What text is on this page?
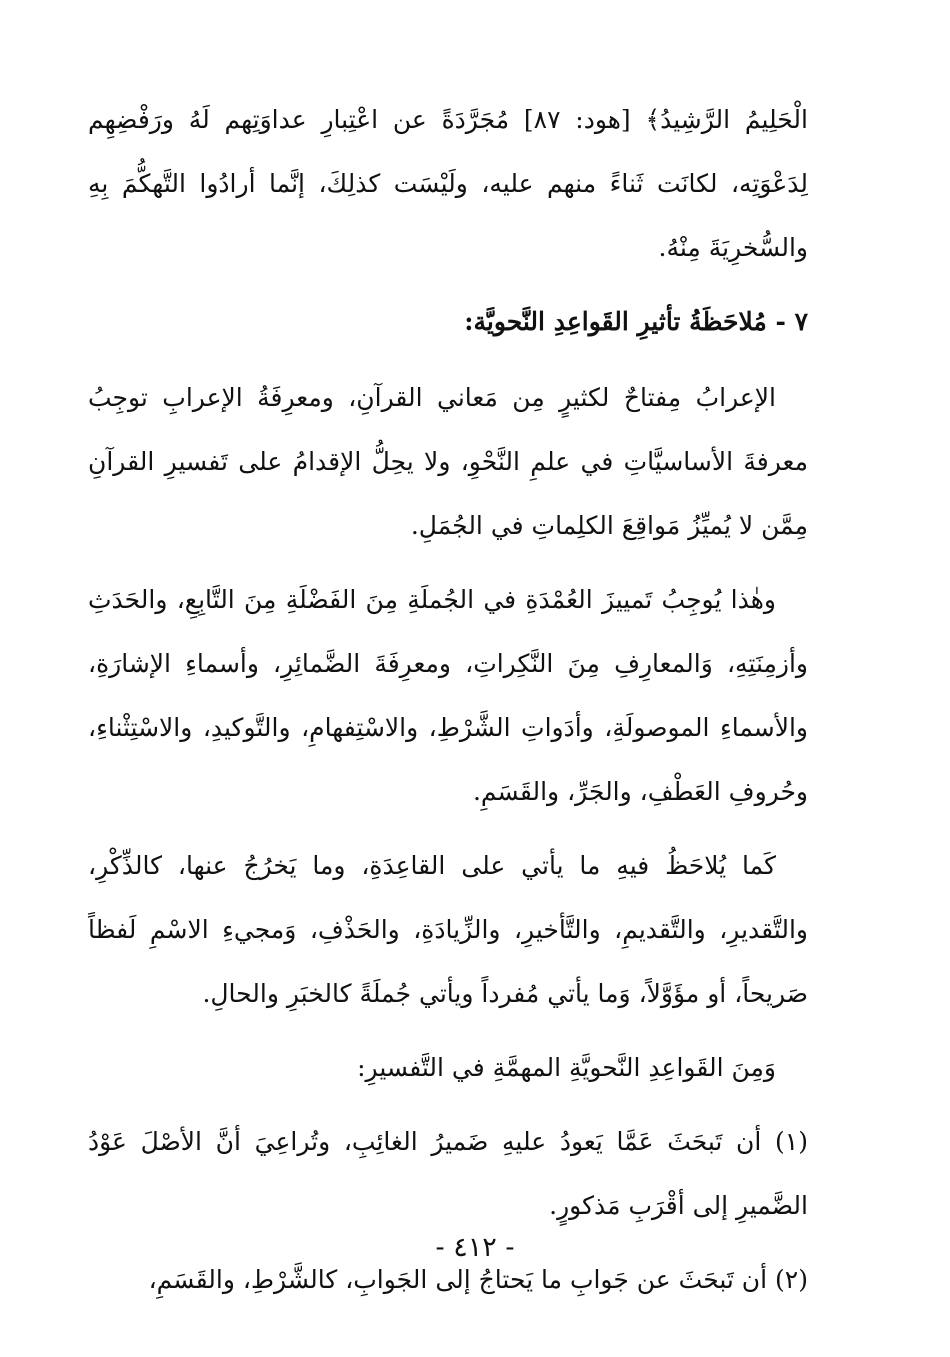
الْحَلِيمُ الرَّشِيدُ﴾ [هود: ٨٧] مُجَرَّدَةً عن اعْتِبارِ عداوَتِهم لَهُ ورَفْضِهِم لِدَعْوَتِه، لكانَت ثَناءً منهم عليه، ولَيْسَت كذلِكَ، إنَّما أرادُوا التَّهكُّمَ بِهِ والسُّخرِيَةَ مِنْهُ.

٧ - مُلاحَظَةُ تأثيرِ القَواعِدِ النَّحويَّة:

الإعرابُ مِفتاحٌ لكثيرٍ مِن مَعاني القرآنِ، ومعرِفَةُ الإعرابِ توجِبُ معرفةَ الأساسيَّاتِ في علمِ النَّحْوِ، ولا يحِلُّ الإقدامُ على تَفسيرِ القرآنِ مِمَّن لا يُميِّزُ مَواقِعَ الكلِماتِ في الجُمَلِ.

وهٰذا يُوجِبُ تَمييزَ العُمْدَةِ في الجُملَةِ مِنَ الفَضْلَةِ مِنَ التَّابِعِ، والحَدَثِ وأزمِنَتِهِ، وَالمعارِفِ مِنَ النَّكِراتِ، ومعرِفَةَ الضَّمائِرِ، وأسماءِ الإشارَةِ، والأسماءِ الموصولَةِ، وأدَواتِ الشَّرْطِ، والاسْتِفهامِ، والتَّوكيدِ، والاسْتِثْناءِ، وحُروفِ العَطْفِ، والجَرِّ، والقَسَمِ.

كَما يُلاحَظُ فيهِ ما يأتي على القاعِدَةِ، وما يَخرُجُ عنها، كالذِّكْرِ، والتَّقديرِ، والتَّقديمِ، والتَّأخيرِ، والزِّيادَةِ، والحَذْفِ، وَمجيءِ الاسْمِ لَفظاً صَريحاً، أو مؤَوَّلاً، وَما يأتي مُفرداً ويأتي جُملَةً كالخبَرِ والحالِ.

وَمِنَ القَواعِدِ النَّحويَّةِ المهمَّةِ في التَّفسيرِ:

(١) أن تَبحَثَ عَمَّا يَعودُ عليهِ ضَميرُ الغائِبِ، وتُراعِيَ أنَّ الأصْلَ عَوْدُ الضَّميرِ إلى أقْرَبِ مَذكورٍ.

(٢) أن تَبحَثَ عن جَوابِ ما يَحتاجُ إلى الجَوابِ، كالشَّرْطِ، والقَسَمِ،

- ٤١٢ -
